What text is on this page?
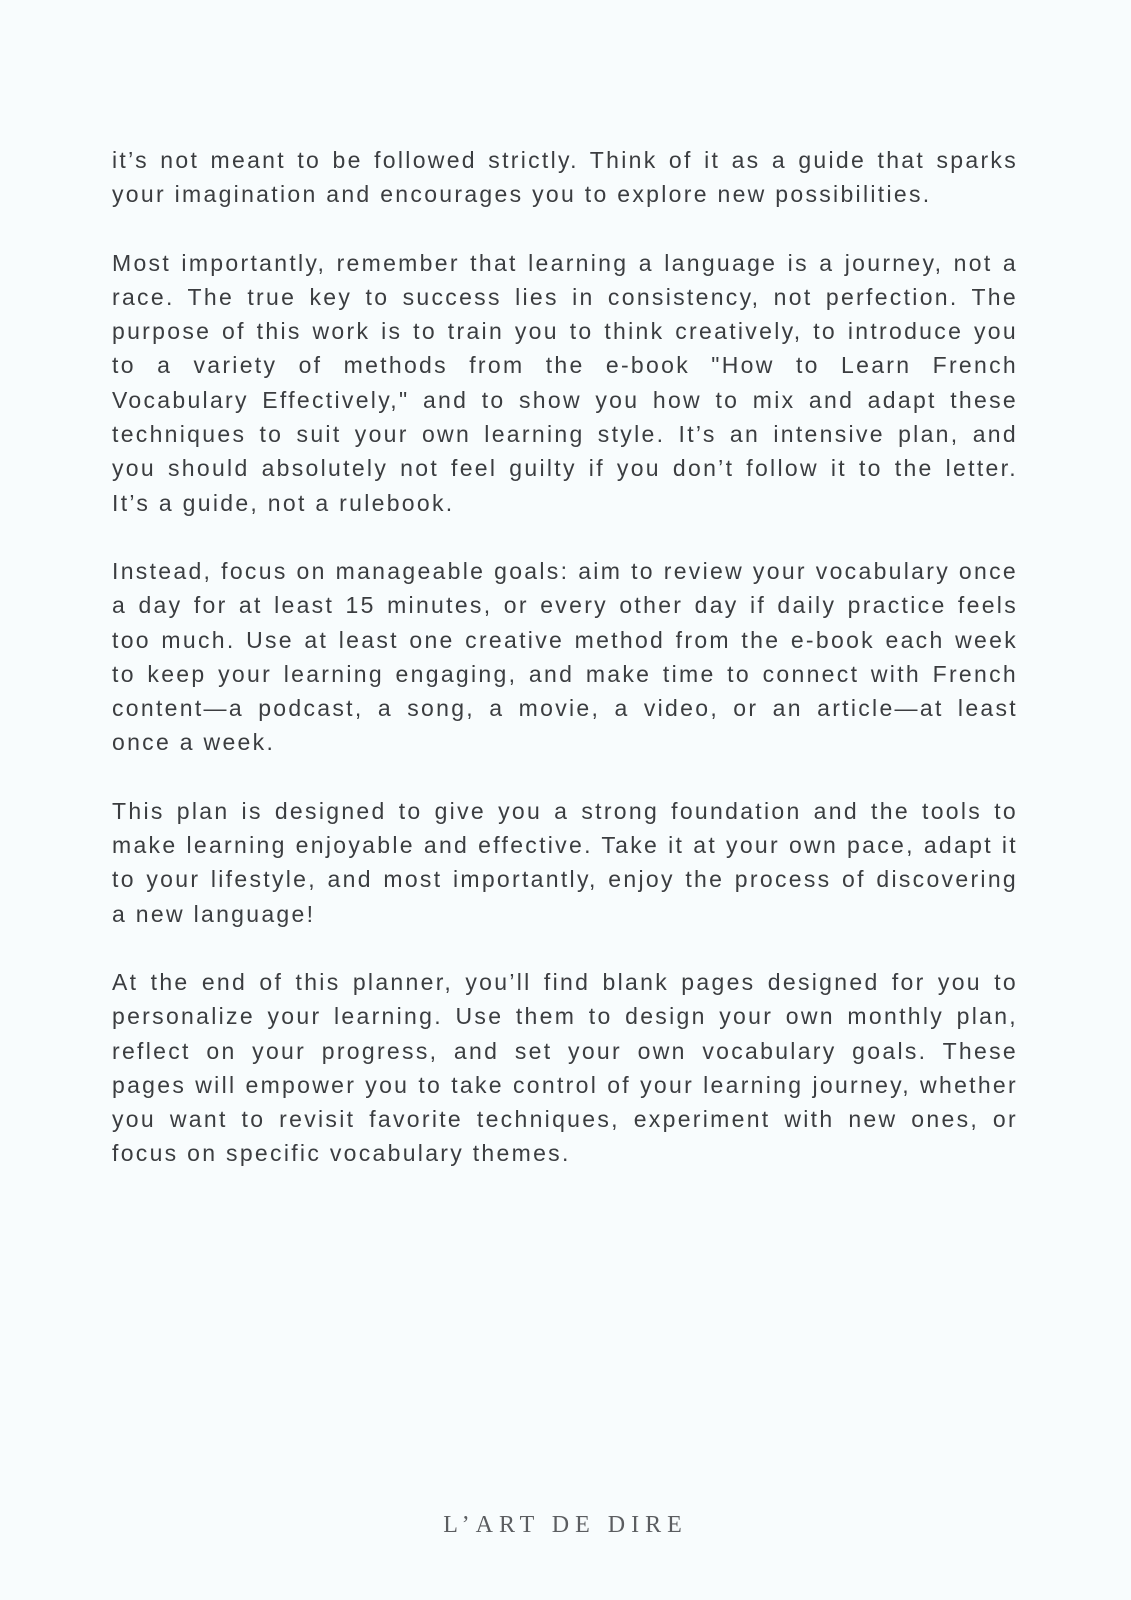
it’s not meant to be followed strictly. Think of it as a guide that sparks your imagination and encourages you to explore new possibilities.

Most importantly, remember that learning a language is a journey, not a race. The true key to success lies in consistency, not perfection. The purpose of this work is to train you to think creatively, to introduce you to a variety of methods from the e-book "How to Learn French Vocabulary Effectively," and to show you how to mix and adapt these techniques to suit your own learning style. It’s an intensive plan, and you should absolutely not feel guilty if you don’t follow it to the letter. It’s a guide, not a rulebook.

Instead, focus on manageable goals: aim to review your vocabulary once a day for at least 15 minutes, or every other day if daily practice feels too much. Use at least one creative method from the e-book each week to keep your learning engaging, and make time to connect with French content—a podcast, a song, a movie, a video, or an article—at least once a week.

This plan is designed to give you a strong foundation and the tools to make learning enjoyable and effective. Take it at your own pace, adapt it to your lifestyle, and most importantly, enjoy the process of discovering a new language!

At the end of this planner, you’ll find blank pages designed for you to personalize your learning. Use them to design your own monthly plan, reflect on your progress, and set your own vocabulary goals. These pages will empower you to take control of your learning journey, whether you want to revisit favorite techniques, experiment with new ones, or focus on specific vocabulary themes.

L’ART DE DIRE
